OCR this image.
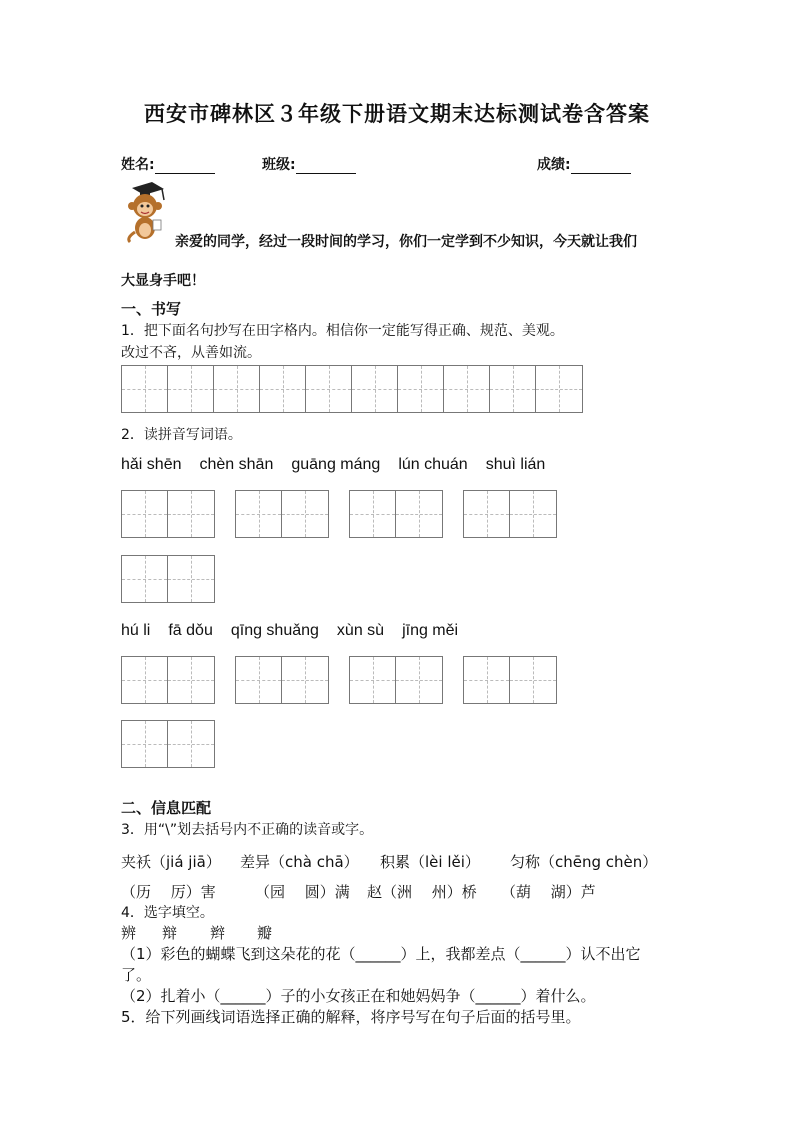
西安市碑林区３年级下册语文期末达标测试卷含答案
姓名:	班级:	成绩:
亲爱的同学，经过一段时间的学习，你们一定学到不少知识，今天就让我们
大显身手吧！
一、书写
1．把下面名句抄写在田字格内。相信你一定能写得正确、规范、美观。
改过不吝，从善如流。
2．读拼音写词语。
hǎi shēn chèn shān guāng máng lún chuán shuì lián
hú li fā dǒu qīng shuǎng xùn sù jīng měi
二、信息匹配
3．用“\”划去括号内不正确的读音或字。
夹袄（jiá jiā） 差异（chà chā） 积累（lèi lěi） 匀称（chēng chèn）
（历　 厉）害	（园　 圆）满 赵（洲　 州）桥 （葫　 湖）芦
4．选字填空。
辨 辩 辫 瓣
（1）彩色的蝴蝶飞到这朵花的花（______）上，我都差点（______）认不出它
了。
（2）扎着小（______）子的小女孩正在和她妈妈争（______）着什么。
5．给下列画线词语选择正确的解释，将序号写在句子后面的括号里。
